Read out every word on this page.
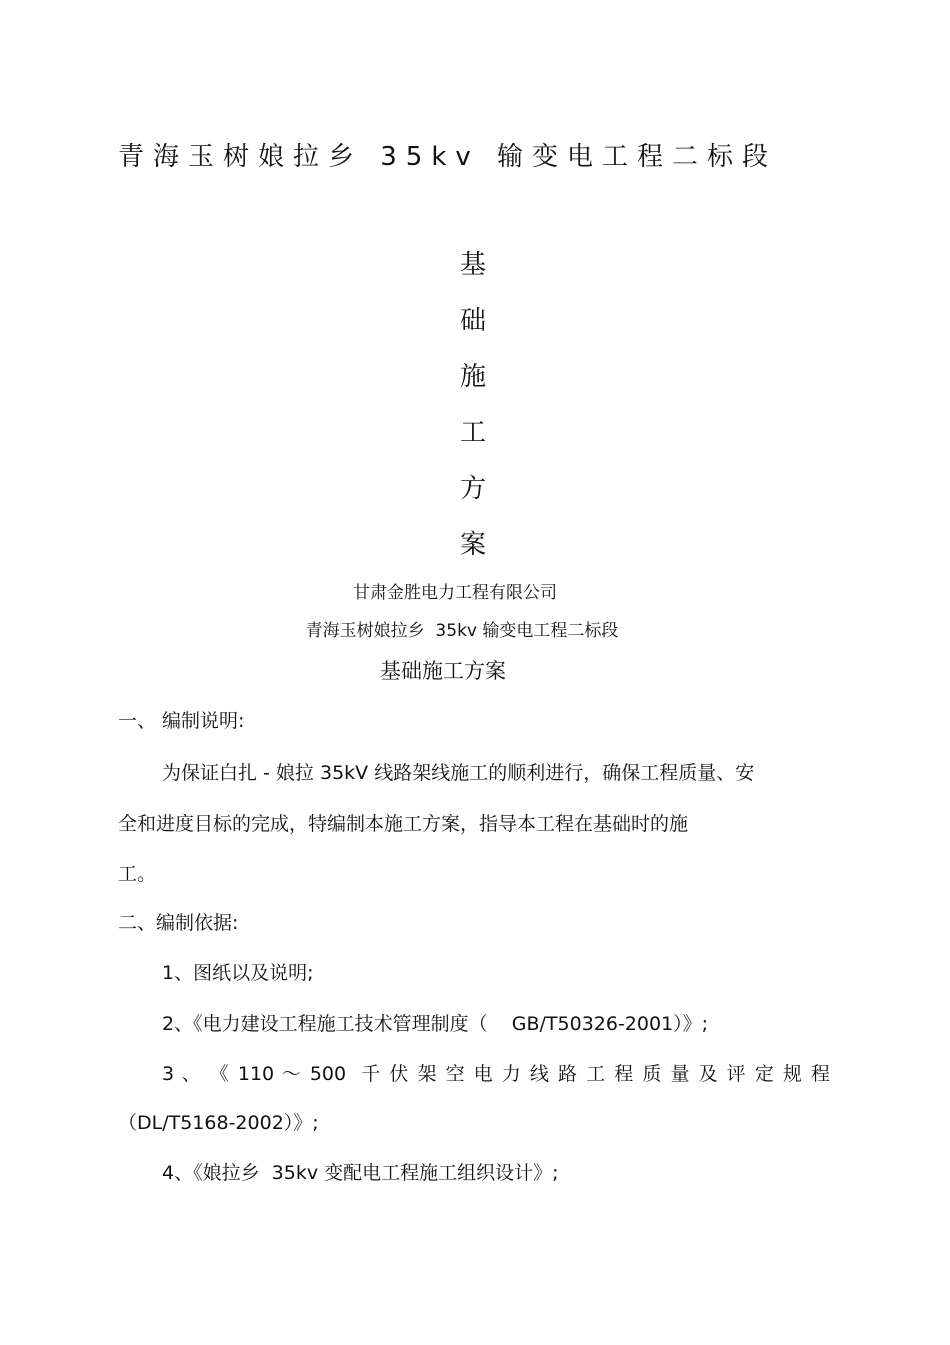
青海玉树娘拉乡 35kv 输变电工程二标段
基
础
施
工
方
案
甘肃金胜电力工程有限公司
青海玉树娘拉乡  35kv 输变电工程二标段
基础施工方案
一、 编制说明:
为保证白扎 - 娘拉 35kV 线路架线施工的顺利进行，确保工程质量、安
全和进度目标的完成，特编制本施工方案，指导本工程在基础时的施
工。
二、编制依据:
1、图纸以及说明;
2、《电力建设工程施工技术管理制度（    GB/T50326-2001）》;
3 、 《 110 ～ 500  千 伏 架 空 电 力 线 路 工 程 质 量 及 评 定 规 程
（DL/T5168-2002）》;
4、《娘拉乡  35kv 变配电工程施工组织设计》;
